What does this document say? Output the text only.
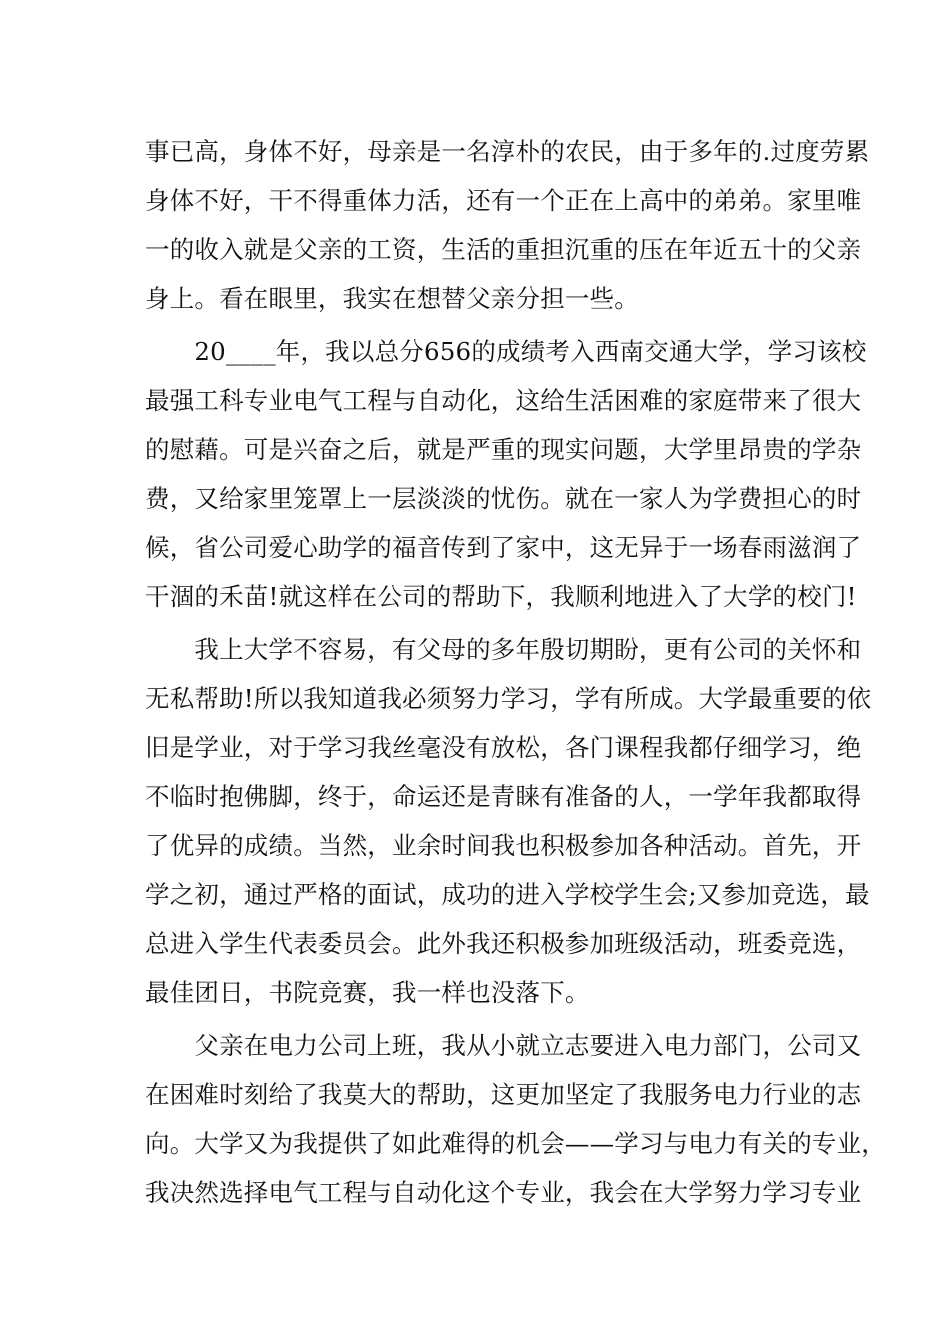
事已高，身体不好，母亲是一名淳朴的农民，由于多年的.过度劳累
身体不好，干不得重体力活，还有一个正在上高中的弟弟。家里唯
一的收入就是父亲的工资，生活的重担沉重的压在年近五十的父亲
身上。看在眼里，我实在想替父亲分担一些。
　　20____年，我以总分656的成绩考入西南交通大学，学习该校
最强工科专业电气工程与自动化，这给生活困难的家庭带来了很大
的慰藉。可是兴奋之后，就是严重的现实问题，大学里昂贵的学杂
费，又给家里笼罩上一层淡淡的忧伤。就在一家人为学费担心的时
候，省公司爱心助学的福音传到了家中，这无异于一场春雨滋润了
干涸的禾苗!就这样在公司的帮助下，我顺利地进入了大学的校门!
　　我上大学不容易，有父母的多年殷切期盼，更有公司的关怀和
无私帮助!所以我知道我必须努力学习，学有所成。大学最重要的依
旧是学业，对于学习我丝毫没有放松，各门课程我都仔细学习，绝
不临时抱佛脚，终于，命运还是青睐有准备的人，一学年我都取得
了优异的成绩。当然，业余时间我也积极参加各种活动。首先，开
学之初，通过严格的面试，成功的进入学校学生会;又参加竞选，最
总进入学生代表委员会。此外我还积极参加班级活动，班委竞选，
最佳团日，书院竞赛，我一样也没落下。
　　父亲在电力公司上班，我从小就立志要进入电力部门，公司又
在困难时刻给了我莫大的帮助，这更加坚定了我服务电力行业的志
向。大学又为我提供了如此难得的机会——学习与电力有关的专业，
我决然选择电气工程与自动化这个专业，我会在大学努力学习专业
